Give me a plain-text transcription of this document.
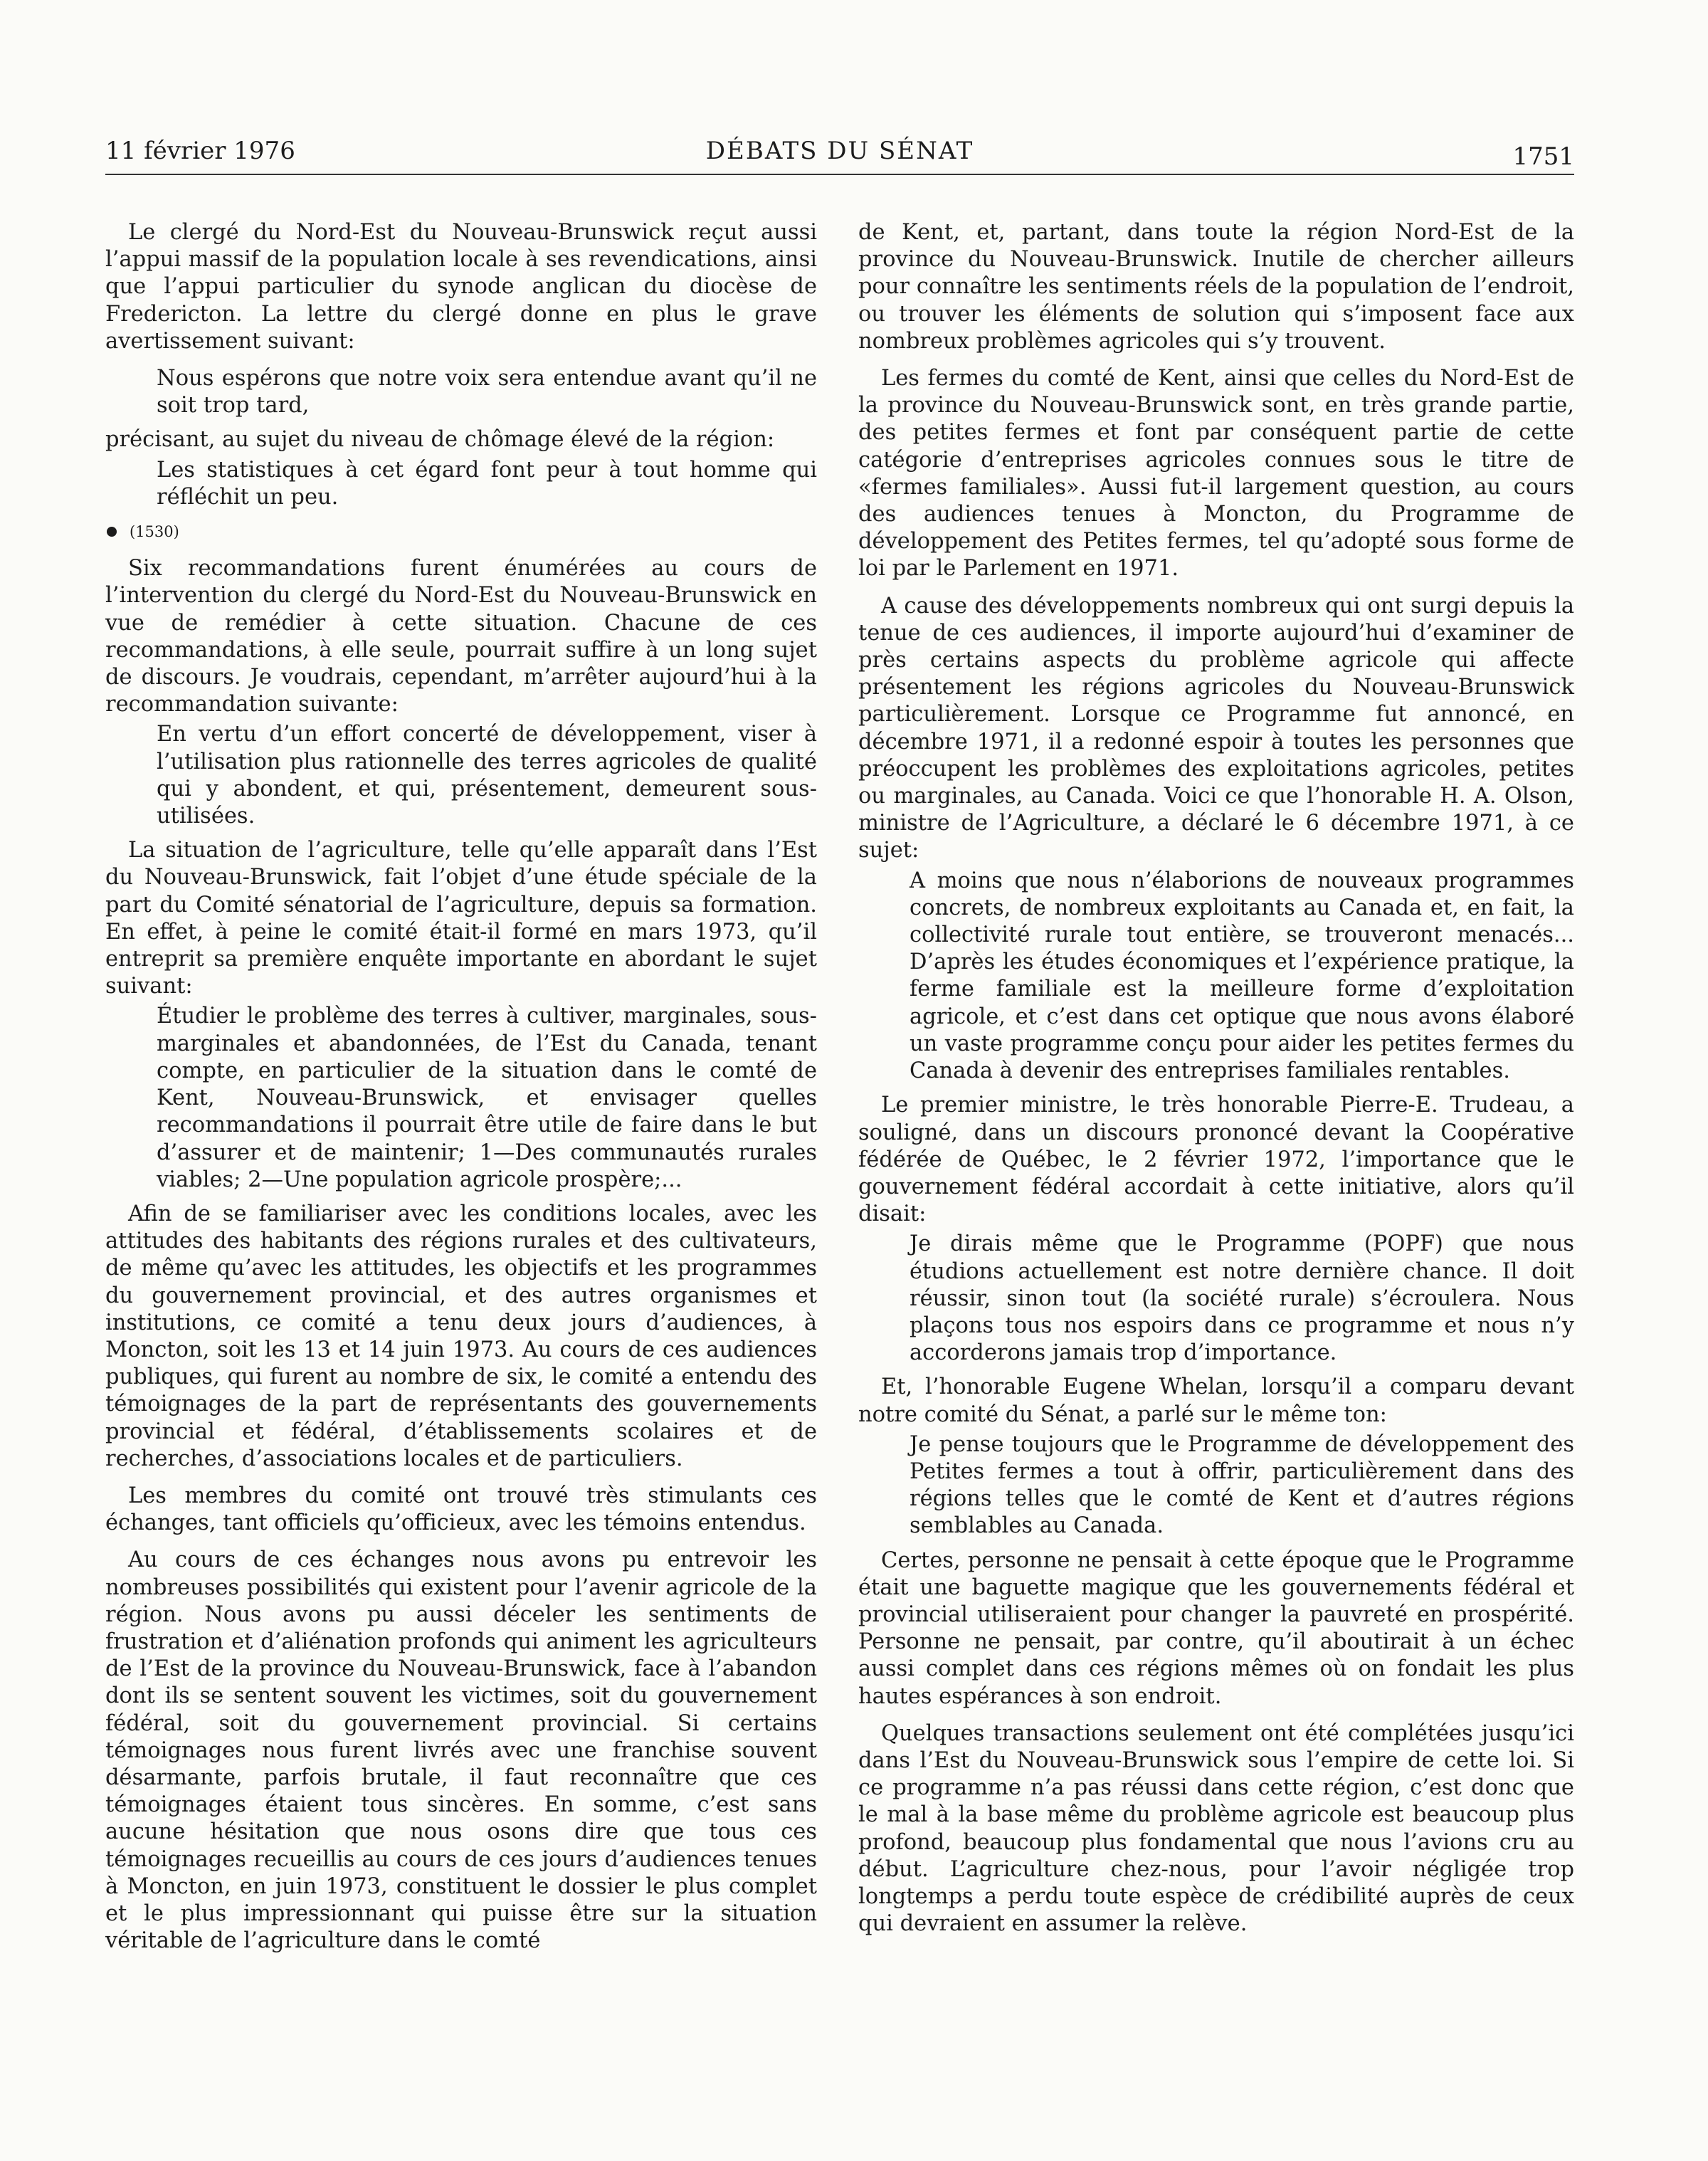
11 février 1976	DÉBATS DU SÉNAT	1751

Le clergé du Nord-Est du Nouveau-Brunswick reçut aussi l’appui massif de la population locale à ses revendications, ainsi que l’appui particulier du synode anglican du diocèse de Fredericton. La lettre du clergé donne en plus le grave avertissement suivant:

Nous espérons que notre voix sera entendue avant qu’il ne soit trop tard,

précisant, au sujet du niveau de chômage élevé de la région:

Les statistiques à cet égard font peur à tout homme qui réfléchit un peu.

(1530)

Six recommandations furent énumérées au cours de l’intervention du clergé du Nord-Est du Nouveau-Brunswick en vue de remédier à cette situation. Chacune de ces recommandations, à elle seule, pourrait suffire à un long sujet de discours. Je voudrais, cependant, m’arrêter aujourd’hui à la recommandation suivante:

En vertu d’un effort concerté de développement, viser à l’utilisation plus rationnelle des terres agricoles de qualité qui y abondent, et qui, présentement, demeurent sous-utilisées.

La situation de l’agriculture, telle qu’elle apparaît dans l’Est du Nouveau-Brunswick, fait l’objet d’une étude spéciale de la part du Comité sénatorial de l’agriculture, depuis sa formation. En effet, à peine le comité était-il formé en mars 1973, qu’il entreprit sa première enquête importante en abordant le sujet suivant:

Étudier le problème des terres à cultiver, marginales, sous-marginales et abandonnées, de l’Est du Canada, tenant compte, en particulier de la situation dans le comté de Kent, Nouveau-Brunswick, et envisager quelles recommandations il pourrait être utile de faire dans le but d’assurer et de maintenir; 1—Des communautés rurales viables; 2—Une population agricole prospère;...

Afin de se familiariser avec les conditions locales, avec les attitudes des habitants des régions rurales et des cultivateurs, de même qu’avec les attitudes, les objectifs et les programmes du gouvernement provincial, et des autres organismes et institutions, ce comité a tenu deux jours d’audiences, à Moncton, soit les 13 et 14 juin 1973. Au cours de ces audiences publiques, qui furent au nombre de six, le comité a entendu des témoignages de la part de représentants des gouvernements provincial et fédéral, d’établissements scolaires et de recherches, d’associations locales et de particuliers.

Les membres du comité ont trouvé très stimulants ces échanges, tant officiels qu’officieux, avec les témoins entendus.

Au cours de ces échanges nous avons pu entrevoir les nombreuses possibilités qui existent pour l’avenir agricole de la région. Nous avons pu aussi déceler les sentiments de frustration et d’aliénation profonds qui animent les agriculteurs de l’Est de la province du Nouveau-Brunswick, face à l’abandon dont ils se sentent souvent les victimes, soit du gouvernement fédéral, soit du gouvernement provincial. Si certains témoignages nous furent livrés avec une franchise souvent désarmante, parfois brutale, il faut reconnaître que ces témoignages étaient tous sincères. En somme, c’est sans aucune hésitation que nous osons dire que tous ces témoignages recueillis au cours de ces jours d’audiences tenues à Moncton, en juin 1973, constituent le dossier le plus complet et le plus impressionnant qui puisse être sur la situation véritable de l’agriculture dans le comté

de Kent, et, partant, dans toute la région Nord-Est de la province du Nouveau-Brunswick. Inutile de chercher ailleurs pour connaître les sentiments réels de la population de l’endroit, ou trouver les éléments de solution qui s’imposent face aux nombreux problèmes agricoles qui s’y trouvent.

Les fermes du comté de Kent, ainsi que celles du Nord-Est de la province du Nouveau-Brunswick sont, en très grande partie, des petites fermes et font par conséquent partie de cette catégorie d’entreprises agricoles connues sous le titre de «fermes familiales». Aussi fut-il largement question, au cours des audiences tenues à Moncton, du Programme de développement des Petites fermes, tel qu’adopté sous forme de loi par le Parlement en 1971.

A cause des développements nombreux qui ont surgi depuis la tenue de ces audiences, il importe aujourd’hui d’examiner de près certains aspects du problème agricole qui affecte présentement les régions agricoles du Nouveau-Brunswick particulièrement. Lorsque ce Programme fut annoncé, en décembre 1971, il a redonné espoir à toutes les personnes que préoccupent les problèmes des exploitations agricoles, petites ou marginales, au Canada. Voici ce que l’honorable H. A. Olson, ministre de l’Agriculture, a déclaré le 6 décembre 1971, à ce sujet:

A moins que nous n’élaborions de nouveaux programmes concrets, de nombreux exploitants au Canada et, en fait, la collectivité rurale tout entière, se trouveront menacés... D’après les études économiques et l’expérience pratique, la ferme familiale est la meilleure forme d’exploitation agricole, et c’est dans cet optique que nous avons élaboré un vaste programme conçu pour aider les petites fermes du Canada à devenir des entreprises familiales rentables.

Le premier ministre, le très honorable Pierre-E. Trudeau, a souligné, dans un discours prononcé devant la Coopérative fédérée de Québec, le 2 février 1972, l’importance que le gouvernement fédéral accordait à cette initiative, alors qu’il disait:

Je dirais même que le Programme (POPF) que nous étudions actuellement est notre dernière chance. Il doit réussir, sinon tout (la société rurale) s’écroulera. Nous plaçons tous nos espoirs dans ce programme et nous n’y accorderons jamais trop d’importance.

Et, l’honorable Eugene Whelan, lorsqu’il a comparu devant notre comité du Sénat, a parlé sur le même ton:

Je pense toujours que le Programme de développement des Petites fermes a tout à offrir, particulièrement dans des régions telles que le comté de Kent et d’autres régions semblables au Canada.

Certes, personne ne pensait à cette époque que le Programme était une baguette magique que les gouvernements fédéral et provincial utiliseraient pour changer la pauvreté en prospérité. Personne ne pensait, par contre, qu’il aboutirait à un échec aussi complet dans ces régions mêmes où on fondait les plus hautes espérances à son endroit.

Quelques transactions seulement ont été complétées jusqu’ici dans l’Est du Nouveau-Brunswick sous l’empire de cette loi. Si ce programme n’a pas réussi dans cette région, c’est donc que le mal à la base même du problème agricole est beaucoup plus profond, beaucoup plus fondamental que nous l’avions cru au début. L’agriculture chez-nous, pour l’avoir négligée trop longtemps a perdu toute espèce de crédibilité auprès de ceux qui devraient en assumer la relève.
